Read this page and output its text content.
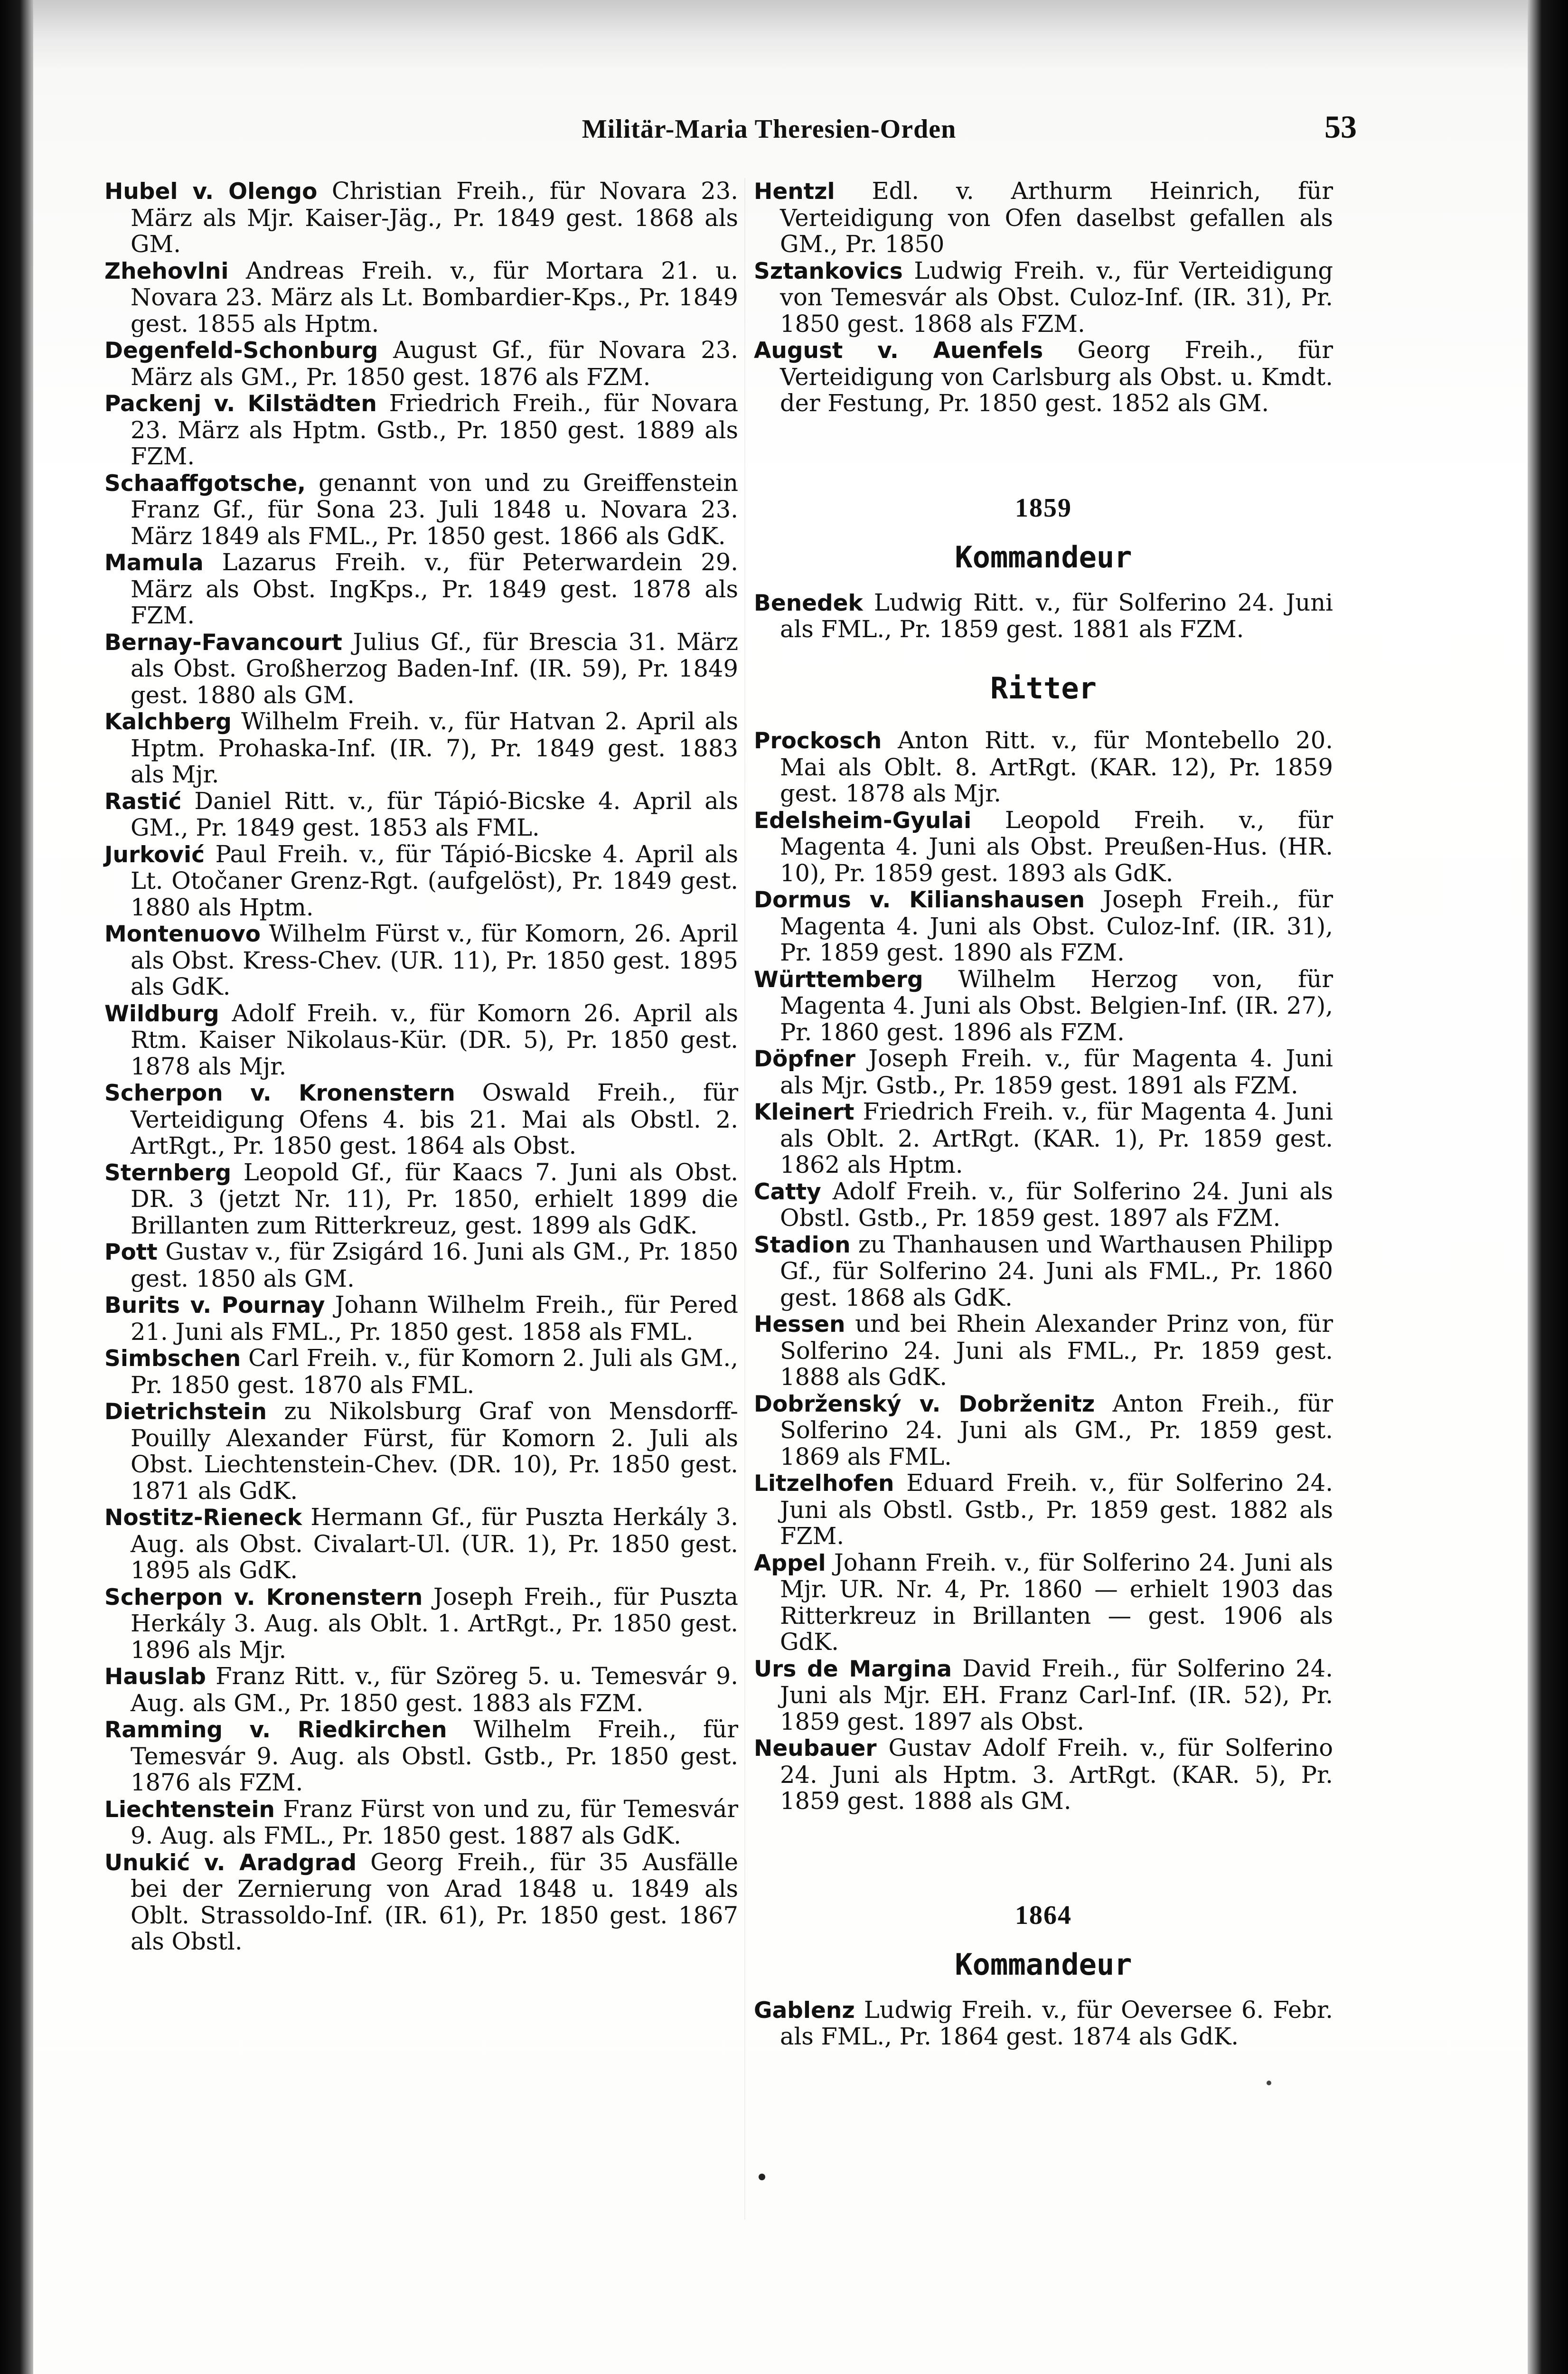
Militär-Maria Theresien-Orden	53
Hubel v. Olengo Christian Freih., für Novara 23. März als Mjr. Kaiser-Jäg., Pr. 1849 gest. 1868 als GM.
Zhehovlni Andreas Freih. v., für Mortara 21. u. Novara 23. März als Lt. Bombardier-Kps., Pr. 1849 gest. 1855 als Hptm.
Degenfeld-Schonburg August Gf., für Novara 23. März als GM., Pr. 1850 gest. 1876 als FZM.
Packenj v. Kilstädten Friedrich Freih., für Novara 23. März als Hptm. Gstb., Pr. 1850 gest. 1889 als FZM.
Schaaffgotsche, genannt von und zu Greiffenstein Franz Gf., für Sona 23. Juli 1848 u. Novara 23. März 1849 als FML., Pr. 1850 gest. 1866 als GdK.
Mamula Lazarus Freih. v., für Peterwardein 29. März als Obst. IngKps., Pr. 1849 gest. 1878 als FZM.
Bernay-Favancourt Julius Gf., für Brescia 31. März als Obst. Großherzog Baden-Inf. (IR. 59), Pr. 1849 gest. 1880 als GM.
Kalchberg Wilhelm Freih. v., für Hatvan 2. April als Hptm. Prohaska-Inf. (IR. 7), Pr. 1849 gest. 1883 als Mjr.
Rastić Daniel Ritt. v., für Tápió-Bicske 4. April als GM., Pr. 1849 gest. 1853 als FML.
Jurković Paul Freih. v., für Tápió-Bicske 4. April als Lt. Otočaner Grenz-Rgt. (aufgelöst), Pr. 1849 gest. 1880 als Hptm.
Montenuovo Wilhelm Fürst v., für Komorn, 26. April als Obst. Kress-Chev. (UR. 11), Pr. 1850 gest. 1895 als GdK.
Wildburg Adolf Freih. v., für Komorn 26. April als Rtm. Kaiser Nikolaus-Kür. (DR. 5), Pr. 1850 gest. 1878 als Mjr.
Scherpon v. Kronenstern Oswald Freih., für Verteidigung Ofens 4. bis 21. Mai als Obstl. 2. ArtRgt., Pr. 1850 gest. 1864 als Obst.
Sternberg Leopold Gf., für Kaacs 7. Juni als Obst. DR. 3 (jetzt Nr. 11), Pr. 1850, erhielt 1899 die Brillanten zum Ritterkreuz, gest. 1899 als GdK.
Pott Gustav v., für Zsigárd 16. Juni als GM., Pr. 1850 gest. 1850 als GM.
Burits v. Pournay Johann Wilhelm Freih., für Pered 21. Juni als FML., Pr. 1850 gest. 1858 als FML.
Simbschen Carl Freih. v., für Komorn 2. Juli als GM., Pr. 1850 gest. 1870 als FML.
Dietrichstein zu Nikolsburg Graf von Mensdorff-Pouilly Alexander Fürst, für Komorn 2. Juli als Obst. Liechtenstein-Chev. (DR. 10), Pr. 1850 gest. 1871 als GdK.
Nostitz-Rieneck Hermann Gf., für Puszta Herkály 3. Aug. als Obst. Civalart-Ul. (UR. 1), Pr. 1850 gest. 1895 als GdK.
Scherpon v. Kronenstern Joseph Freih., für Puszta Herkály 3. Aug. als Oblt. 1. ArtRgt., Pr. 1850 gest. 1896 als Mjr.
Hauslab Franz Ritt. v., für Szöreg 5. u. Temesvár 9. Aug. als GM., Pr. 1850 gest. 1883 als FZM.
Ramming v. Riedkirchen Wilhelm Freih., für Temesvár 9. Aug. als Obstl. Gstb., Pr. 1850 gest. 1876 als FZM.
Liechtenstein Franz Fürst von und zu, für Temesvár 9. Aug. als FML., Pr. 1850 gest. 1887 als GdK.
Unukić v. Aradgrad Georg Freih., für 35 Ausfälle bei der Zernierung von Arad 1848 u. 1849 als Oblt. Strassoldo-Inf. (IR. 61), Pr. 1850 gest. 1867 als Obstl.
Hentzl Edl. v. Arthurm Heinrich, für Verteidigung von Ofen daselbst gefallen als GM., Pr. 1850
Sztankovics Ludwig Freih. v., für Verteidigung von Temesvár als Obst. Culoz-Inf. (IR. 31), Pr. 1850 gest. 1868 als FZM.
August v. Auenfels Georg Freih., für Verteidigung von Carlsburg als Obst. u. Kmdt. der Festung, Pr. 1850 gest. 1852 als GM.
1859
Kommandeur
Benedek Ludwig Ritt. v., für Solferino 24. Juni als FML., Pr. 1859 gest. 1881 als FZM.
Ritter
Prockosch Anton Ritt. v., für Montebello 20. Mai als Oblt. 8. ArtRgt. (KAR. 12), Pr. 1859 gest. 1878 als Mjr.
Edelsheim-Gyulai Leopold Freih. v., für Magenta 4. Juni als Obst. Preußen-Hus. (HR. 10), Pr. 1859 gest. 1893 als GdK.
Dormus v. Kilianshausen Joseph Freih., für Magenta 4. Juni als Obst. Culoz-Inf. (IR. 31), Pr. 1859 gest. 1890 als FZM.
Württemberg Wilhelm Herzog von, für Magenta 4. Juni als Obst. Belgien-Inf. (IR. 27), Pr. 1860 gest. 1896 als FZM.
Döpfner Joseph Freih. v., für Magenta 4. Juni als Mjr. Gstb., Pr. 1859 gest. 1891 als FZM.
Kleinert Friedrich Freih. v., für Magenta 4. Juni als Oblt. 2. ArtRgt. (KAR. 1), Pr. 1859 gest. 1862 als Hptm.
Catty Adolf Freih. v., für Solferino 24. Juni als Obstl. Gstb., Pr. 1859 gest. 1897 als FZM.
Stadion zu Thanhausen und Warthausen Philipp Gf., für Solferino 24. Juni als FML., Pr. 1860 gest. 1868 als GdK.
Hessen und bei Rhein Alexander Prinz von, für Solferino 24. Juni als FML., Pr. 1859 gest. 1888 als GdK.
Dobrženský v. Dobrženitz Anton Freih., für Solferino 24. Juni als GM., Pr. 1859 gest. 1869 als FML.
Litzelhofen Eduard Freih. v., für Solferino 24. Juni als Obstl. Gstb., Pr. 1859 gest. 1882 als FZM.
Appel Johann Freih. v., für Solferino 24. Juni als Mjr. UR. Nr. 4, Pr. 1860 — erhielt 1903 das Ritterkreuz in Brillanten — gest. 1906 als GdK.
Urs de Margina David Freih., für Solferino 24. Juni als Mjr. EH. Franz Carl-Inf. (IR. 52), Pr. 1859 gest. 1897 als Obst.
Neubauer Gustav Adolf Freih. v., für Solferino 24. Juni als Hptm. 3. ArtRgt. (KAR. 5), Pr. 1859 gest. 1888 als GM.
1864
Kommandeur
Gablenz Ludwig Freih. v., für Oeversee 6. Febr. als FML., Pr. 1864 gest. 1874 als GdK.
